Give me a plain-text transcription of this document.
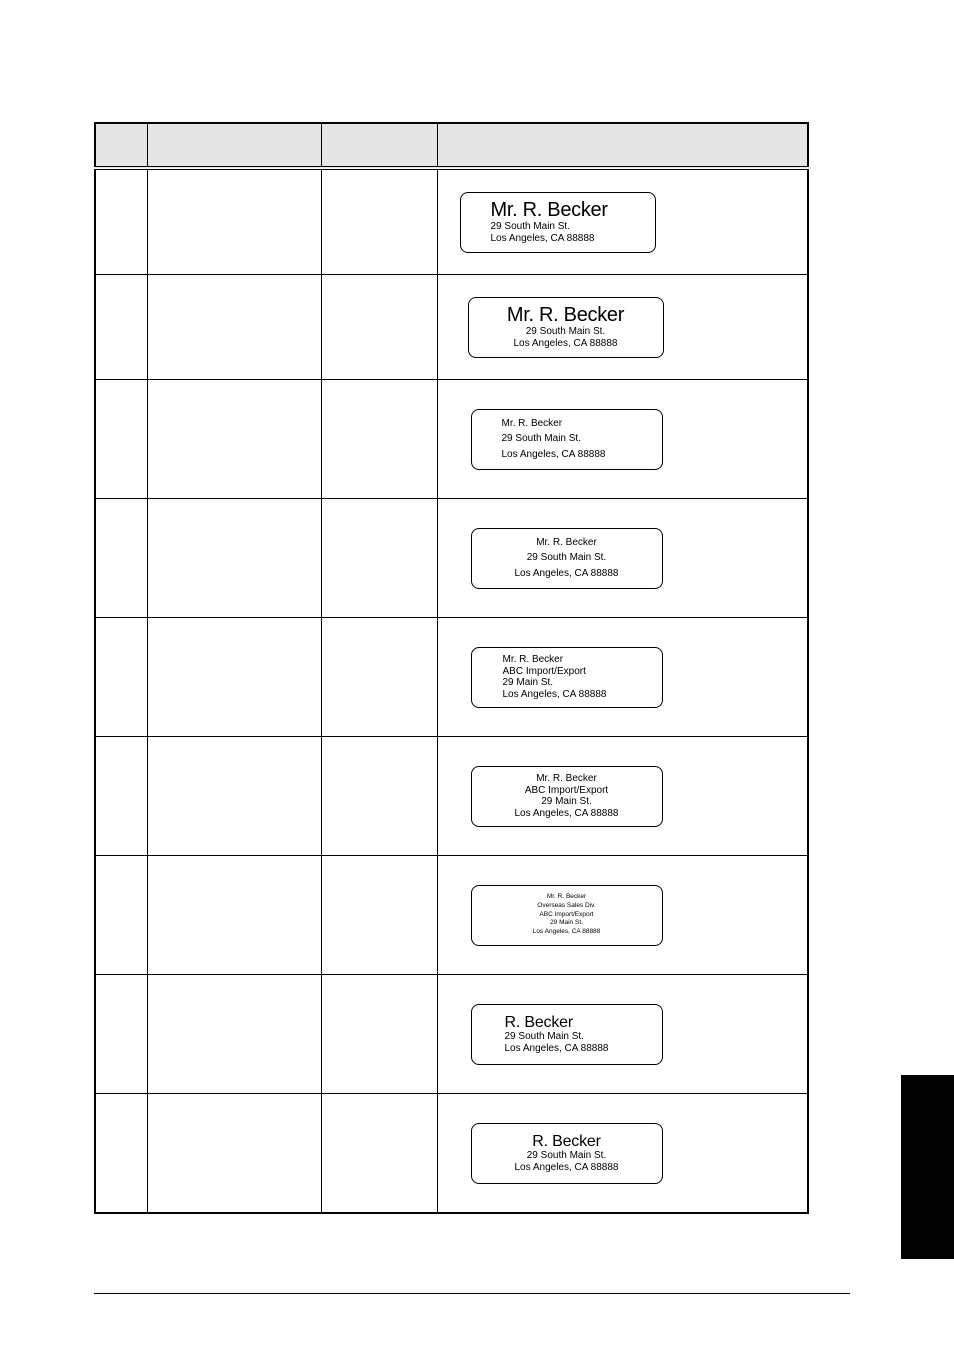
			Mr. R. Becker
29 South Main St.
Los Angeles, CA 88888

			Mr. R. Becker
29 South Main St.
Los Angeles, CA 88888

			Mr. R. Becker
29 South Main St.
Los Angeles, CA 88888

			Mr. R. Becker
29 South Main St.
Los Angeles, CA 88888

			Mr. R. Becker
ABC Import/Export
29 Main St.
Los Angeles, CA 88888

			Mr. R. Becker
ABC Import/Export
29 Main St.
Los Angeles, CA 88888

			Mr. R. Becker
Overseas Sales Div.
ABC Import/Export
29 Main St.
Los Angeles, CA 88888

			R. Becker
29 South Main St.
Los Angeles, CA 88888

			R. Becker
29 South Main St.
Los Angeles, CA 88888
